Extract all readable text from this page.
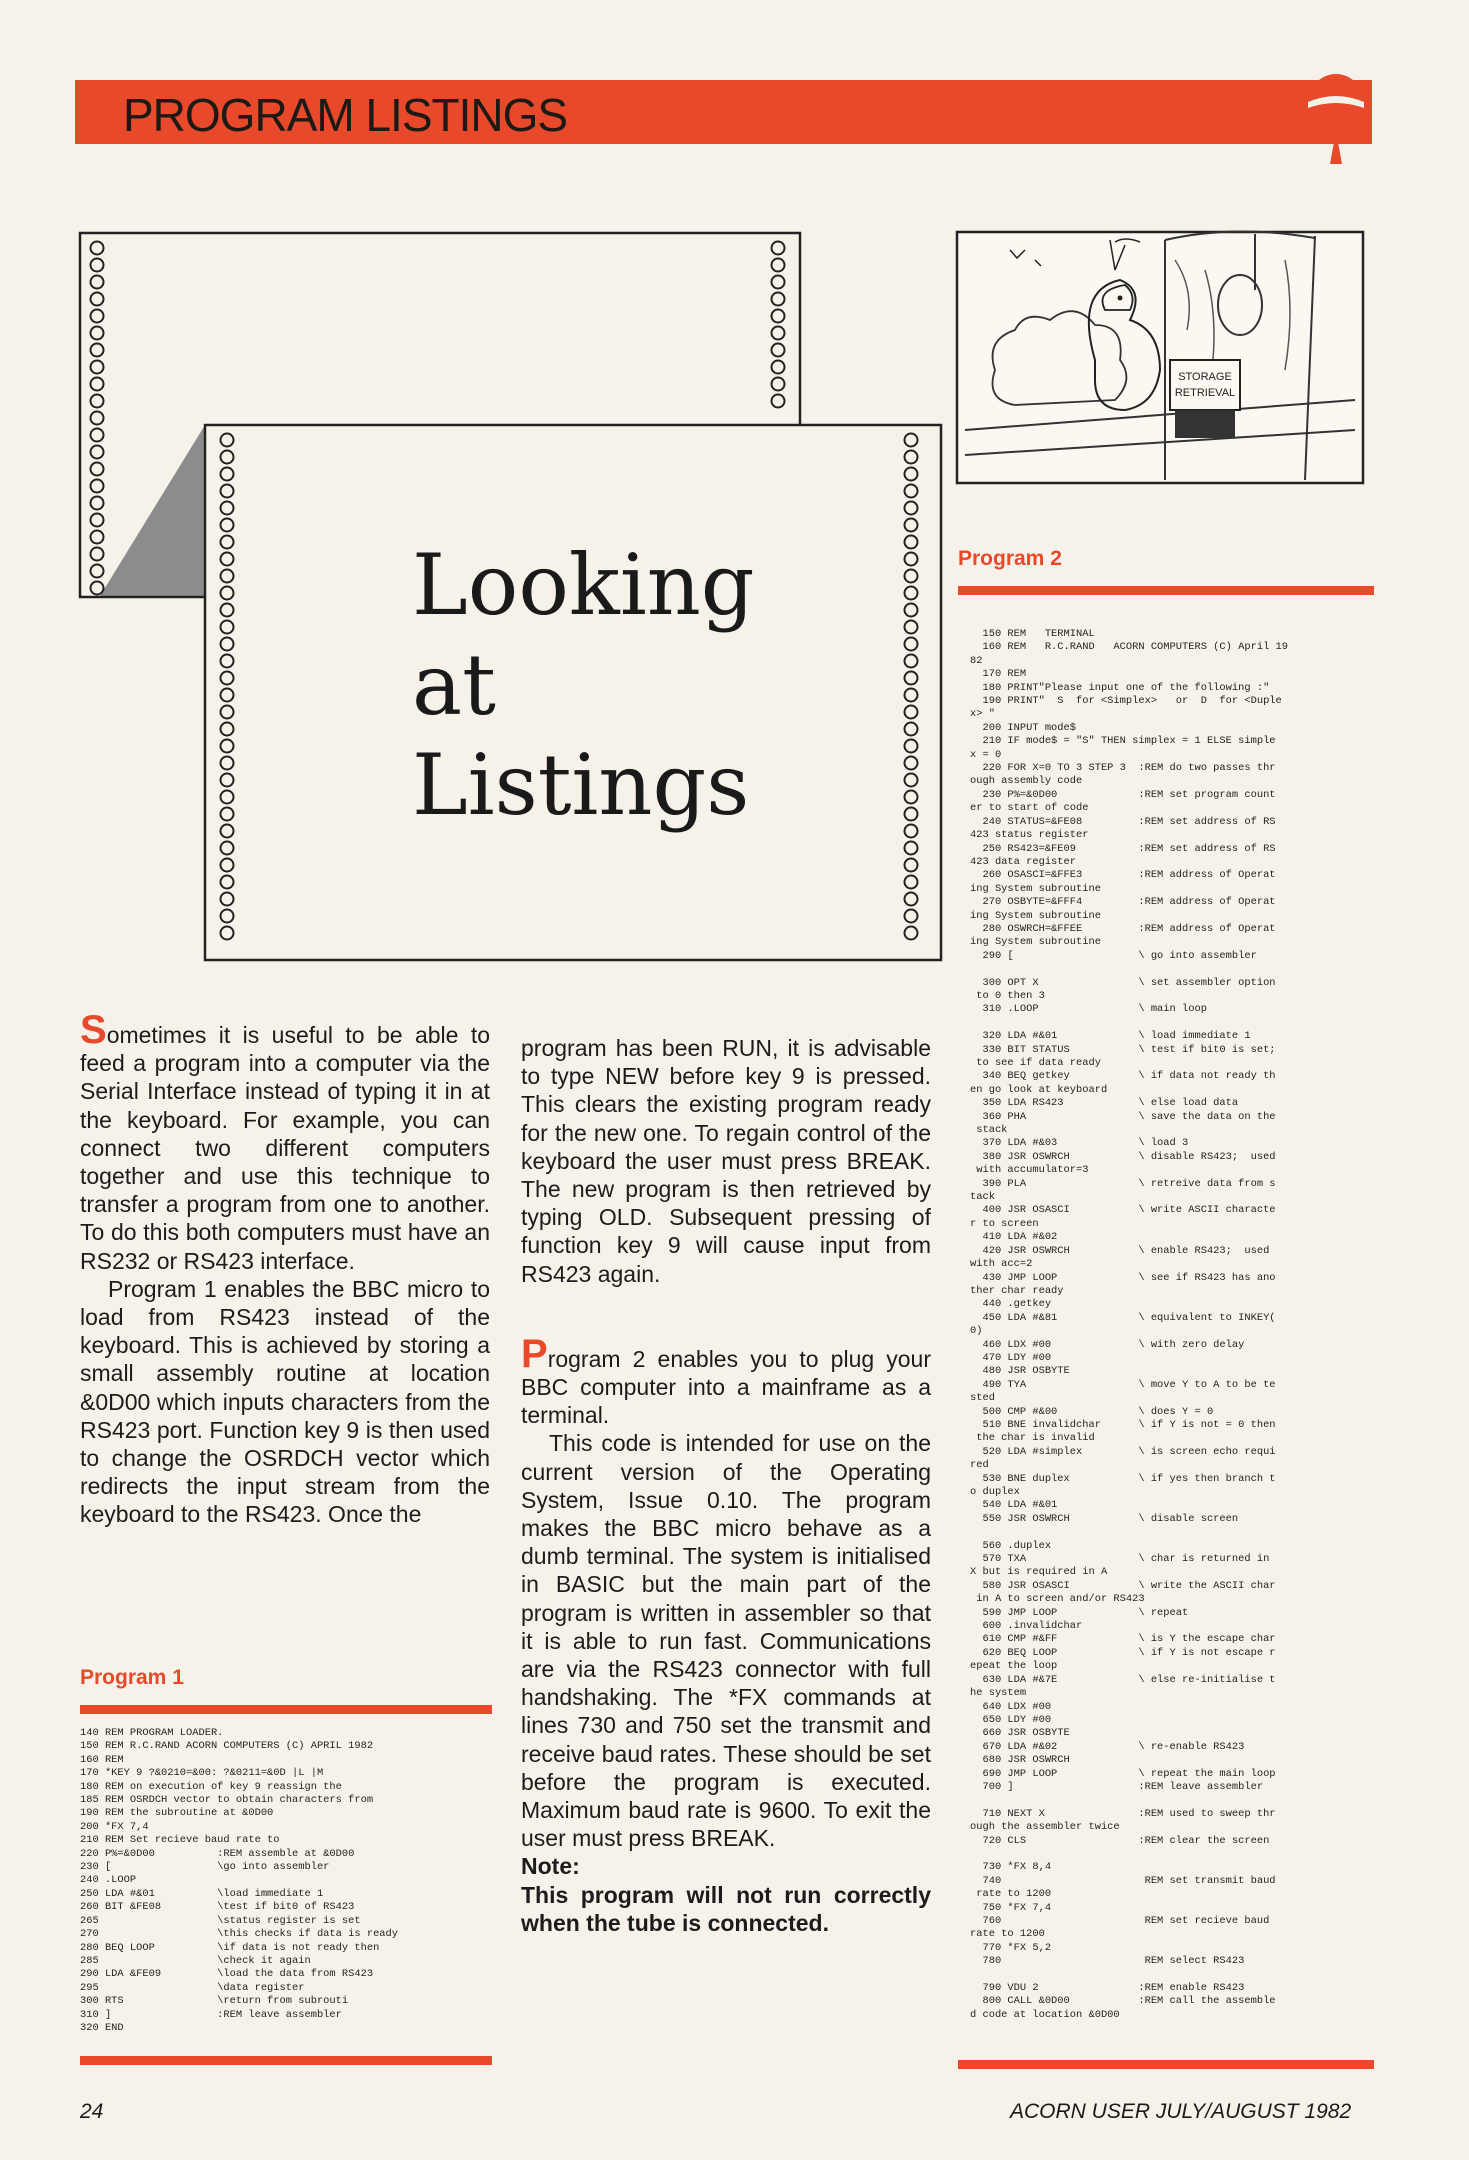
PROGRAM LISTINGS
Looking
at
Listings
STORAGE
RETRIEVAL
Program 2
150 REM   TERMINAL
160 REM   R.C.RAND   ACORN COMPUTERS (C) April 19
82
170 REM
180 PRINT"Please input one of the following :"
190 PRINT"  S  for <Simplex>   or  D  for <Duple
x> "
200 INPUT mode$
210 IF mode$ = "S" THEN simplex = 1 ELSE simple
x = 0
220 FOR X=0 TO 3 STEP 3  :REM do two passes thr
ough assembly code
230 P%=&0D00             :REM set program count
er to start of code
240 STATUS=&FE08         :REM set address of RS
423 status register
250 RS423=&FE09          :REM set address of RS
423 data register
260 OSASCI=&FFE3         :REM address of Operat
ing System subroutine
270 OSBYTE=&FFF4         :REM address of Operat
ing System subroutine
280 OSWRCH=&FFEE         :REM address of Operat
ing System subroutine
290 [                    \ go into assembler

300 OPT X                \ set assembler option
to 0 then 3
310 .LOOP                \ main loop

320 LDA #&01             \ load immediate 1
330 BIT STATUS           \ test if bit0 is set;
to see if data ready
340 BEQ getkey           \ if data not ready th
en go look at keyboard
350 LDA RS423            \ else load data
360 PHA                  \ save the data on the
stack
370 LDA #&03             \ load 3
380 JSR OSWRCH           \ disable RS423;  used
with accumulator=3
390 PLA                  \ retreive data from s
tack
400 JSR OSASCI           \ write ASCII characte
r to screen
410 LDA #&02
420 JSR OSWRCH           \ enable RS423;  used
with acc=2
430 JMP LOOP             \ see if RS423 has ano
ther char ready
440 .getkey
450 LDA #&81             \ equivalent to INKEY(
0)
460 LDX #00              \ with zero delay
470 LDY #00
480 JSR OSBYTE
490 TYA                  \ move Y to A to be te
sted
500 CMP #&00             \ does Y = 0
510 BNE invalidchar      \ if Y is not = 0 then
the char is invalid
520 LDA #simplex         \ is screen echo requi
red
530 BNE duplex           \ if yes then branch t
o duplex
540 LDA #&01
550 JSR OSWRCH           \ disable screen

560 .duplex
570 TXA                  \ char is returned in
X but is required in A
580 JSR OSASCI           \ write the ASCII char
in A to screen and/or RS423
590 JMP LOOP             \ repeat
600 .invalidchar
610 CMP #&FF             \ is Y the escape char
620 BEQ LOOP             \ if Y is not escape r
epeat the loop
630 LDA #&7E             \ else re-initialise t
he system
640 LDX #00
650 LDY #00
660 JSR OSBYTE
670 LDA #&02             \ re-enable RS423
680 JSR OSWRCH
690 JMP LOOP             \ repeat the main loop
700 ]                    :REM leave assembler

710 NEXT X               :REM used to sweep thr
ough the assembler twice
720 CLS                  :REM clear the screen

730 *FX 8,4
740                       REM set transmit baud
rate to 1200
750 *FX 7,4
760                       REM set recieve baud
rate to 1200
770 *FX 5,2
780                       REM select RS423

790 VDU 2                :REM enable RS423
800 CALL &0D00           :REM call the assemble
d code at location &0D00
Sometimes it is useful to be able to feed a program into a computer via the Serial Interface instead of typing it in at the keyboard. For example, you can connect two different computers together and use this technique to transfer a program from one to another. To do this both computers must have an RS232 or RS423 interface.
Program 1 enables the BBC micro to load from RS423 instead of the keyboard. This is achieved by storing a small assembly routine at location &0D00 which inputs characters from the RS423 port. Function key 9 is then used to change the OSRDCH vector which redirects the input stream from the keyboard to the RS423. Once the
Program 1
140 REM PROGRAM LOADER.
150 REM R.C.RAND ACORN COMPUTERS (C) APRIL 1982
160 REM
170 *KEY 9 ?&0210=&00: ?&0211=&0D |L |M
180 REM on execution of key 9 reassign the
185 REM OSRDCH vector to obtain characters from
190 REM the subroutine at &0D00
200 *FX 7,4
210 REM Set recieve baud rate to
220 P%=&0D00          :REM assemble at &0D00
230 [                 \go into assembler
240 .LOOP
250 LDA #&01          \load immediate 1
260 BIT &FE08         \test if bit0 of RS423
265                   \status register is set
270                   \this checks if data is ready
280 BEQ LOOP          \if data is not ready then
285                   \check it again
290 LDA &FE09         \load the data from RS423
295                   \data register
300 RTS               \return from subrouti
310 ]                 :REM leave assembler
320 END
program has been RUN, it is advisable to type NEW before key 9 is pressed. This clears the existing program ready for the new one. To regain control of the keyboard the user must press BREAK. The new program is then retrieved by typing OLD. Subsequent pressing of function key 9 will cause input from RS423 again.
Program 2 enables you to plug your BBC computer into a mainframe as a terminal.
This code is intended for use on the current version of the Operating System, Issue 0.10. The program makes the BBC micro behave as a dumb terminal. The system is initialised in BASIC but the main part of the program is written in assembler so that it is able to run fast. Communications are via the RS423 connector with full handshaking. The *FX commands at lines 730 and 750 set the transmit and receive baud rates. These should be set before the program is executed. Maximum baud rate is 9600. To exit the user must press BREAK.
Note:
This program will not run correctly when the tube is connected.
24	ACORN USER JULY/AUGUST 1982
